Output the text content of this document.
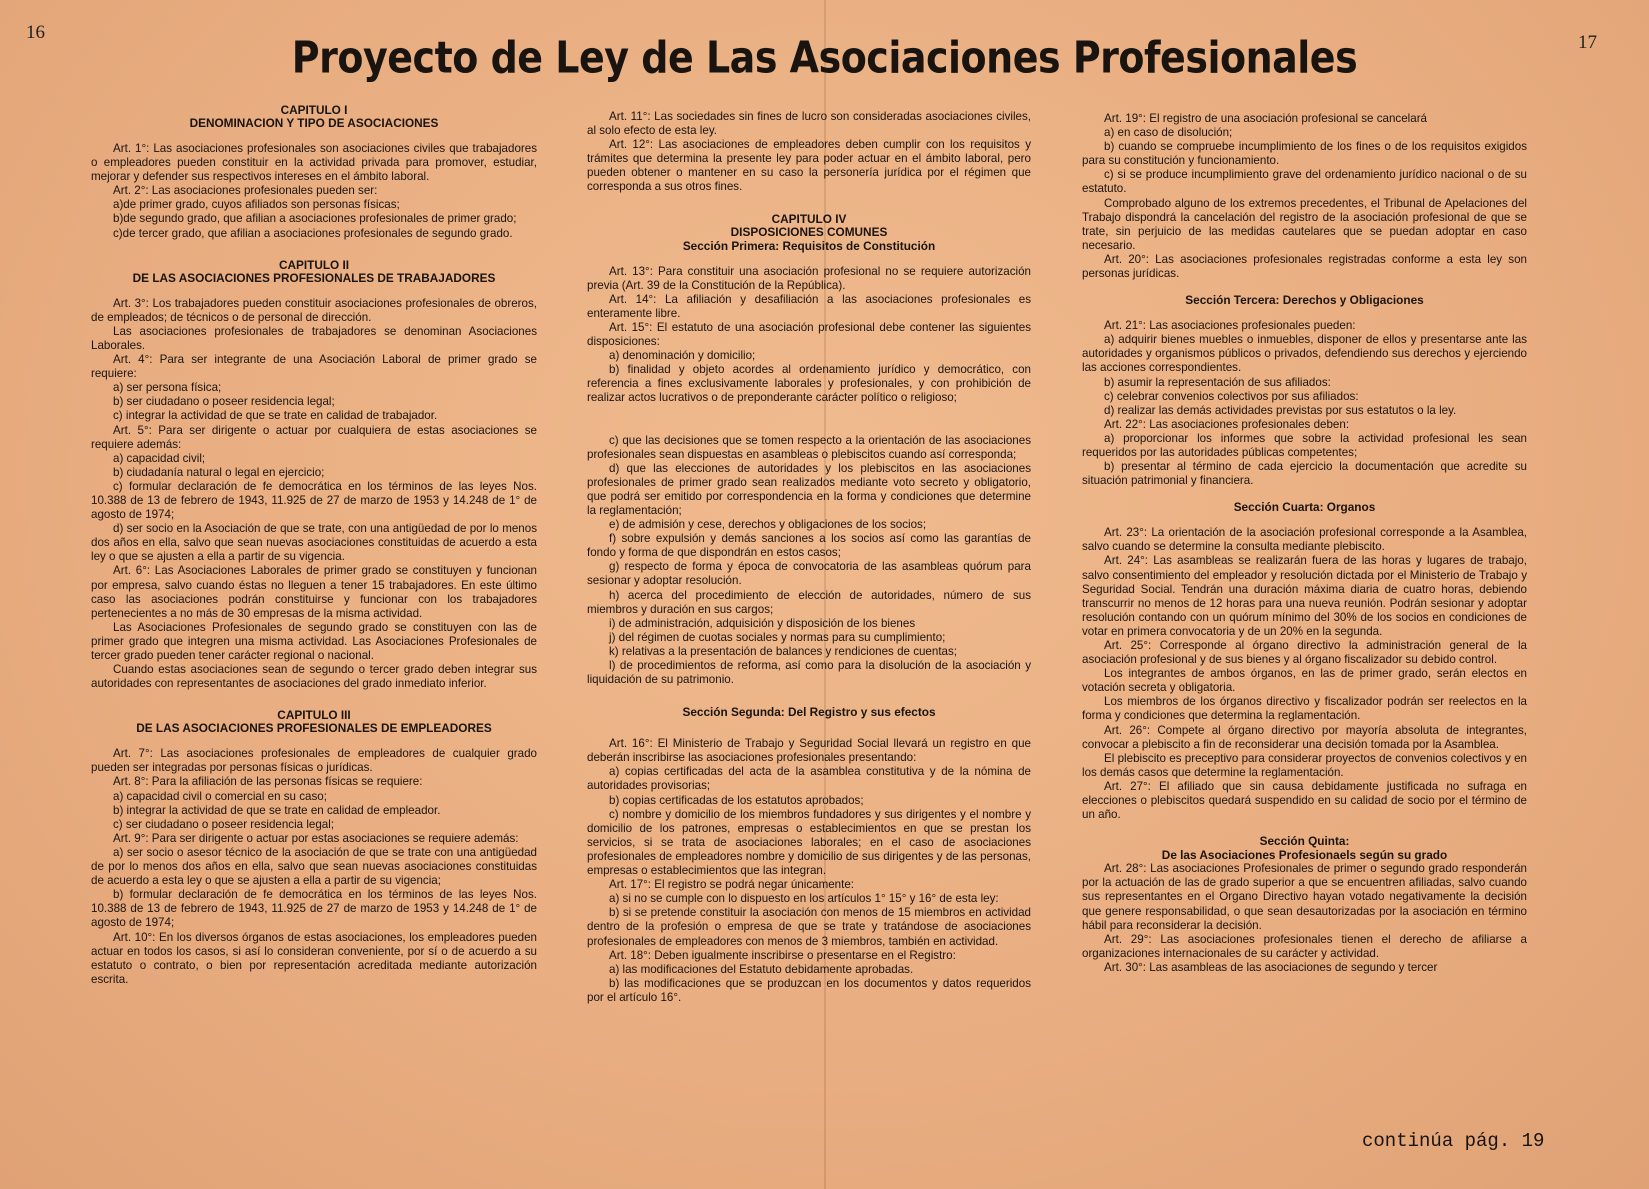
16	17
Proyecto de Ley de Las Asociaciones Profesionales
CAPITULO I
DENOMINACION Y TIPO DE ASOCIACIONES

Art. 1°: Las asociaciones profesionales son asociaciones civiles que trabajadores o empleadores pueden constituir en la actividad privada para promover, estudiar, mejorar y defender sus respectivos intereses en el ámbito laboral.

Art. 2°: Las asociaciones profesionales pueden ser:

a)de primer grado, cuyos afiliados son personas físicas;

b)de segundo grado, que afilian a asociaciones profesionales de primer grado;

c)de tercer grado, que afilian a asociaciones profesionales de segundo grado.

CAPITULO II
DE LAS ASOCIACIONES PROFESIONALES DE TRABAJADORES

Art. 3°: Los trabajadores pueden constituir asociaciones profesionales de obreros, de empleados; de técnicos o de personal de dirección.

Las asociaciones profesionales de trabajadores se denominan Asociaciones Laborales.

Art. 4°: Para ser integrante de una Asociación Laboral de primer grado se requiere:

a) ser persona física;

b) ser ciudadano o poseer residencia legal;

c) integrar la actividad de que se trate en calidad de trabajador.

Art. 5°: Para ser dirigente o actuar por cualquiera de estas asociaciones se requiere además:

a) capacidad civil;

b) ciudadanía natural o legal en ejercicio;

c) formular declaración de fe democrática en los términos de las leyes Nos. 10.388 de 13 de febrero de 1943, 11.925 de 27 de marzo de 1953 y 14.248 de 1° de agosto de 1974;

d) ser socio en la Asociación de que se trate, con una antigüedad de por lo menos dos años en ella, salvo que sean nuevas asociaciones constituidas de acuerdo a esta ley o que se ajusten a ella a partir de su vigencia.

Art. 6°: Las Asociaciones Laborales de primer grado se constituyen y funcionan por empresa, salvo cuando éstas no lleguen a tener 15 trabajadores. En este último caso las asociaciones podrán constituirse y funcionar con los trabajadores pertenecientes a no más de 30 empresas de la misma actividad.

Las Asociaciones Profesionales de segundo grado se constituyen con las de primer grado que integren una misma actividad. Las Asociaciones Profesionales de tercer grado pueden tener carácter regional o nacional.

Cuando estas asociaciones sean de segundo o tercer grado deben integrar sus autoridades con representantes de asociaciones del grado inmediato inferior.

CAPITULO III
DE LAS ASOCIACIONES PROFESIONALES DE EMPLEADORES

Art. 7°: Las asociaciones profesionales de empleadores de cualquier grado pueden ser integradas por personas físicas o jurídicas.

Art. 8°: Para la afiliación de las personas físicas se requiere:

a) capacidad civil o comercial en su caso;

b) integrar la actividad de que se trate en calidad de empleador.

c) ser ciudadano o poseer residencia legal;

Art. 9°: Para ser dirigente o actuar por estas asociaciones se requiere además:

a) ser socio o asesor técnico de la asociación de que se trate con una antigüedad de por lo menos dos años en ella, salvo que sean nuevas asociaciones constituidas de acuerdo a esta ley o que se ajusten a ella a partir de su vigencia;

b) formular declaración de fe democrática en los términos de las leyes Nos. 10.388 de 13 de febrero de 1943, 11.925 de 27 de marzo de 1953 y 14.248 de 1° de agosto de 1974;

Art. 10°: En los diversos órganos de estas asociaciones, los empleadores pueden actuar en todos los casos, si así lo consideran conveniente, por sí o de acuerdo a su estatuto o contrato, o bien por representación acreditada mediante autorización escrita.

Art. 11°: Las sociedades sin fines de lucro son consideradas asociaciones civiles, al solo efecto de esta ley.

Art. 12°: Las asociaciones de empleadores deben cumplir con los requisitos y trámites que determina la presente ley para poder actuar en el ámbito laboral, pero pueden obtener o mantener en su caso la personería jurídica por el régimen que corresponda a sus otros fines.

CAPITULO IV
DISPOSICIONES COMUNES
Sección Primera: Requisitos de Constitución

Art. 13°: Para constituir una asociación profesional no se requiere autorización previa (Art. 39 de la Constitución de la República).

Art. 14°: La afiliación y desafiliación a las asociaciones profesionales es enteramente libre.

Art. 15°: El estatuto de una asociación profesional debe contener las siguientes disposiciones:

a) denominación y domicilio;

b) finalidad y objeto acordes al ordenamiento jurídico y democrático, con referencia a fines exclusivamente laborales y profesionales, y con prohibición de realizar actos lucrativos o de preponderante carácter político o religioso;

c) que las decisiones que se tomen respecto a la orientación de las asociaciones profesionales sean dispuestas en asambleas o plebiscitos cuando así corresponda;

d) que las elecciones de autoridades y los plebiscitos en las asociaciones profesionales de primer grado sean realizados mediante voto secreto y obligatorio, que podrá ser emitido por correspondencia en la forma y condiciones que determine la reglamentación;

e) de admisión y cese, derechos y obligaciones de los socios;

f) sobre expulsión y demás sanciones a los socios así como las garantías de fondo y forma de que dispondrán en estos casos;

g) respecto de forma y época de convocatoria de las asambleas quórum para sesionar y adoptar resolución.

h) acerca del procedimiento de elección de autoridades, número de sus miembros y duración en sus cargos;

i) de administración, adquisición y disposición de los bienes

j) del régimen de cuotas sociales y normas para su cumplimiento;

k) relativas a la presentación de balances y rendiciones de cuentas;

l) de procedimientos de reforma, así como para la disolución de la asociación y liquidación de su patrimonio.

Sección Segunda: Del Registro y sus efectos

Art. 16°: El Ministerio de Trabajo y Seguridad Social llevará un registro en que deberán inscribirse las asociaciones profesionales presentando:

a) copias certificadas del acta de la asamblea constitutiva y de la nómina de autoridades provisorias;

b) copias certificadas de los estatutos aprobados;

c) nombre y domicilio de los miembros fundadores y sus dirigentes y el nombre y domicilio de los patrones, empresas o establecimientos en que se prestan los servicios, si se trata de asociaciones laborales; en el caso de asociaciones profesionales de empleadores nombre y domicilio de sus dirigentes y de las personas, empresas o establecimientos que las integran.

Art. 17°: El registro se podrá negar únicamente:

a) si no se cumple con lo dispuesto en los artículos 1° 15° y 16° de esta ley:

b) si se pretende constituir la asociación con menos de 15 miembros en actividad dentro de la profesión o empresa de que se trate y tratándose de asociaciones profesionales de empleadores con menos de 3 miembros, también en actividad.

Art. 18°: Deben igualmente inscribirse o presentarse en el Registro:

a) las modificaciones del Estatuto debidamente aprobadas.

b) las modificaciones que se produzcan en los documentos y datos requeridos por el artículo 16°.

Art. 19°: El registro de una asociación profesional se cancelará

a) en caso de disolución;

b) cuando se compruebe incumplimiento de los fines o de los requisitos exigidos para su constitución y funcionamiento.

c) si se produce incumplimiento grave del ordenamiento jurídico nacional o de su estatuto.

Comprobado alguno de los extremos precedentes, el Tribunal de Apelaciones del Trabajo dispondrá la cancelación del registro de la asociación profesional de que se trate, sin perjuicio de las medidas cautelares que se puedan adoptar en caso necesario.

Art. 20°: Las asociaciones profesionales registradas conforme a esta ley son personas jurídicas.

Sección Tercera: Derechos y Obligaciones

Art. 21°: Las asociaciones profesionales pueden:

a) adquirir bienes muebles o inmuebles, disponer de ellos y presentarse ante las autoridades y organismos públicos o privados, defendiendo sus derechos y ejerciendo las acciones correspondientes.

b) asumir la representación de sus afiliados:

c) celebrar convenios colectivos por sus afiliados:

d) realizar las demás actividades previstas por sus estatutos o la ley.

Art. 22°: Las asociaciones profesionales deben:

a) proporcionar los informes que sobre la actividad profesional les sean requeridos por las autoridades públicas competentes;

b) presentar al término de cada ejercicio la documentación que acredite su situación patrimonial y financiera.

Sección Cuarta: Organos

Art. 23°: La orientación de la asociación profesional corresponde a la Asamblea, salvo cuando se determine la consulta mediante plebiscito.

Art. 24°: Las asambleas se realizarán fuera de las horas y lugares de trabajo, salvo consentimiento del empleador y resolución dictada por el Ministerio de Trabajo y Seguridad Social. Tendrán una duración máxima diaria de cuatro horas, debiendo transcurrir no menos de 12 horas para una nueva reunión. Podrán sesionar y adoptar resolución contando con un quórum mínimo del 30% de los socios en condiciones de votar en primera convocatoria y de un 20% en la segunda.

Art. 25°: Corresponde al órgano directivo la administración general de la asociación profesional y de sus bienes y al órgano fiscalizador su debido control.

Los integrantes de ambos órganos, en las de primer grado, serán electos en votación secreta y obligatoria.

Los miembros de los órganos directivo y fiscalizador podrán ser reelectos en la forma y condiciones que determina la reglamentación.

Art. 26°: Compete al órgano directivo por mayoría absoluta de integrantes, convocar a plebiscito a fin de reconsiderar una decisión tomada por la Asamblea.

El plebiscito es preceptivo para considerar proyectos de convenios colectivos y en los demás casos que determine la reglamentación.

Art. 27°: El afiliado que sin causa debidamente justificada no sufraga en elecciones o plebiscitos quedará suspendido en su calidad de socio por el término de un año.

Sección Quinta:
De las Asociaciones Profesionaels según su grado

Art. 28°: Las asociaciones Profesionales de primer o segundo grado responderán por la actuación de las de grado superior a que se encuentren afiliadas, salvo cuando sus representantes en el Organo Directivo hayan votado negativamente la decisión que genere responsabilidad, o que sean desautorizadas por la asociación en término hábil para reconsiderar la decisión.

Art. 29°: Las asociaciones profesionales tienen el derecho de afiliarse a organizaciones internacionales de su carácter y actividad.

Art. 30°: Las asambleas de las asociaciones de segundo y tercer

continúa pág. 19
